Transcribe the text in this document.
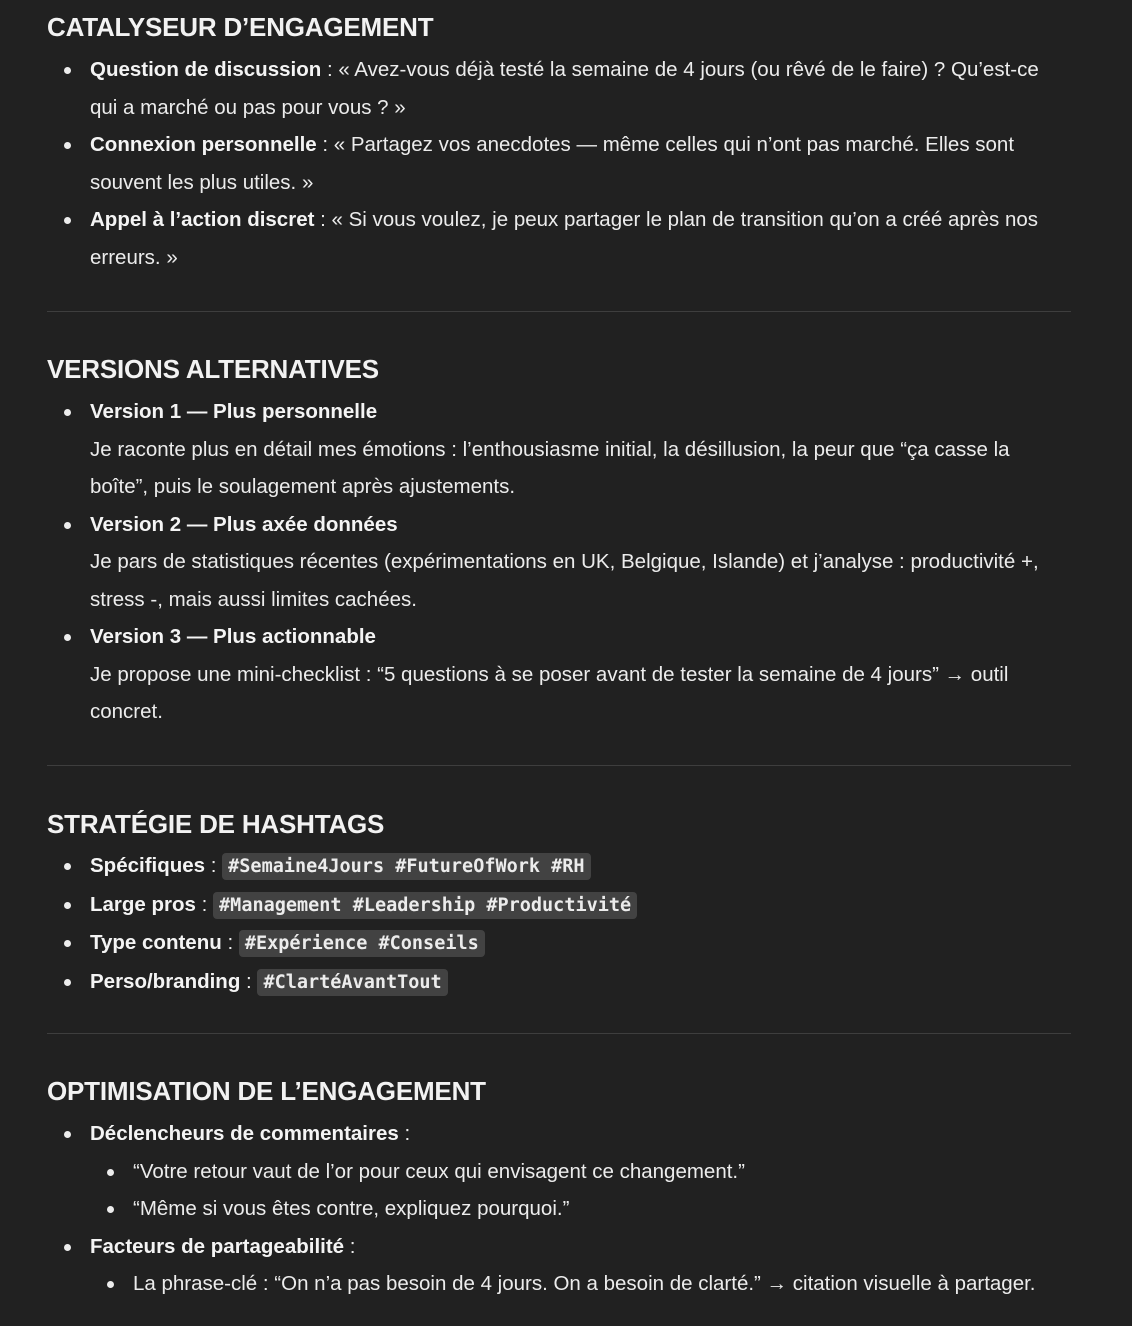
CATALYSEUR D’ENGAGEMENT
Question de discussion : « Avez-vous déjà testé la semaine de 4 jours (ou rêvé de le faire) ? Qu’est-ce qui a marché ou pas pour vous ? »
Connexion personnelle : « Partagez vos anecdotes — même celles qui n’ont pas marché. Elles sont souvent les plus utiles. »
Appel à l’action discret : « Si vous voulez, je peux partager le plan de transition qu’on a créé après nos erreurs. »
VERSIONS ALTERNATIVES
Version 1 — Plus personnelle
Je raconte plus en détail mes émotions : l’enthousiasme initial, la désillusion, la peur que “ça casse la boîte”, puis le soulagement après ajustements.
Version 2 — Plus axée données
Je pars de statistiques récentes (expérimentations en UK, Belgique, Islande) et j’analyse : productivité +, stress -, mais aussi limites cachées.
Version 3 — Plus actionnable
Je propose une mini-checklist : “5 questions à se poser avant de tester la semaine de 4 jours” → outil concret.
STRATÉGIE DE HASHTAGS
Spécifiques : #Semaine4Jours #FutureOfWork #RH
Large pros : #Management #Leadership #Productivité
Type contenu : #Expérience #Conseils
Perso/branding : #ClartéAvantTout
OPTIMISATION DE L’ENGAGEMENT
Déclencheurs de commentaires :
“Votre retour vaut de l’or pour ceux qui envisagent ce changement.”
“Même si vous êtes contre, expliquez pourquoi.”
Facteurs de partageabilité :
La phrase-clé : “On n’a pas besoin de 4 jours. On a besoin de clarté.” → citation visuelle à partager.
